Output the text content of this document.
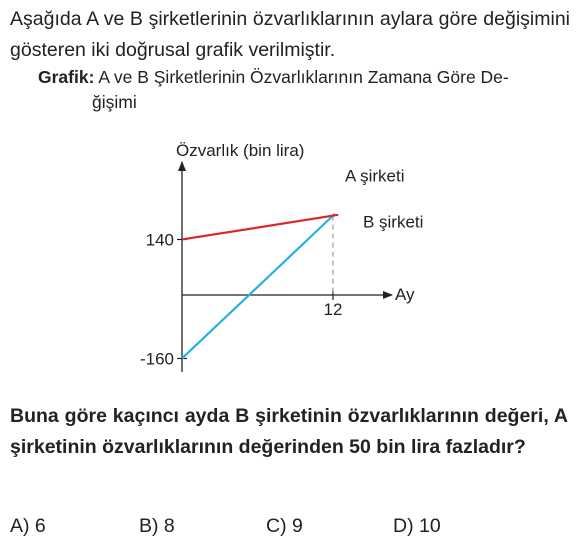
Aşağıda A ve B şirketlerinin özvarlıklarının aylara göre değişimini gösteren iki doğrusal grafik verilmiştir.

Grafik: A ve B Şirketlerinin Özvarlıklarının Zamana Göre De-
ğişimi

Özvarlık (bin lira)
Ay
140
-160
12
A şirketi
B şirketi

Buna göre kaçıncı ayda B şirketinin özvarlıklarının değeri, A şirketinin özvarlıklarının değerinden 50 bin lira fazladır?

A) 6	B) 8	C) 9	D) 10
